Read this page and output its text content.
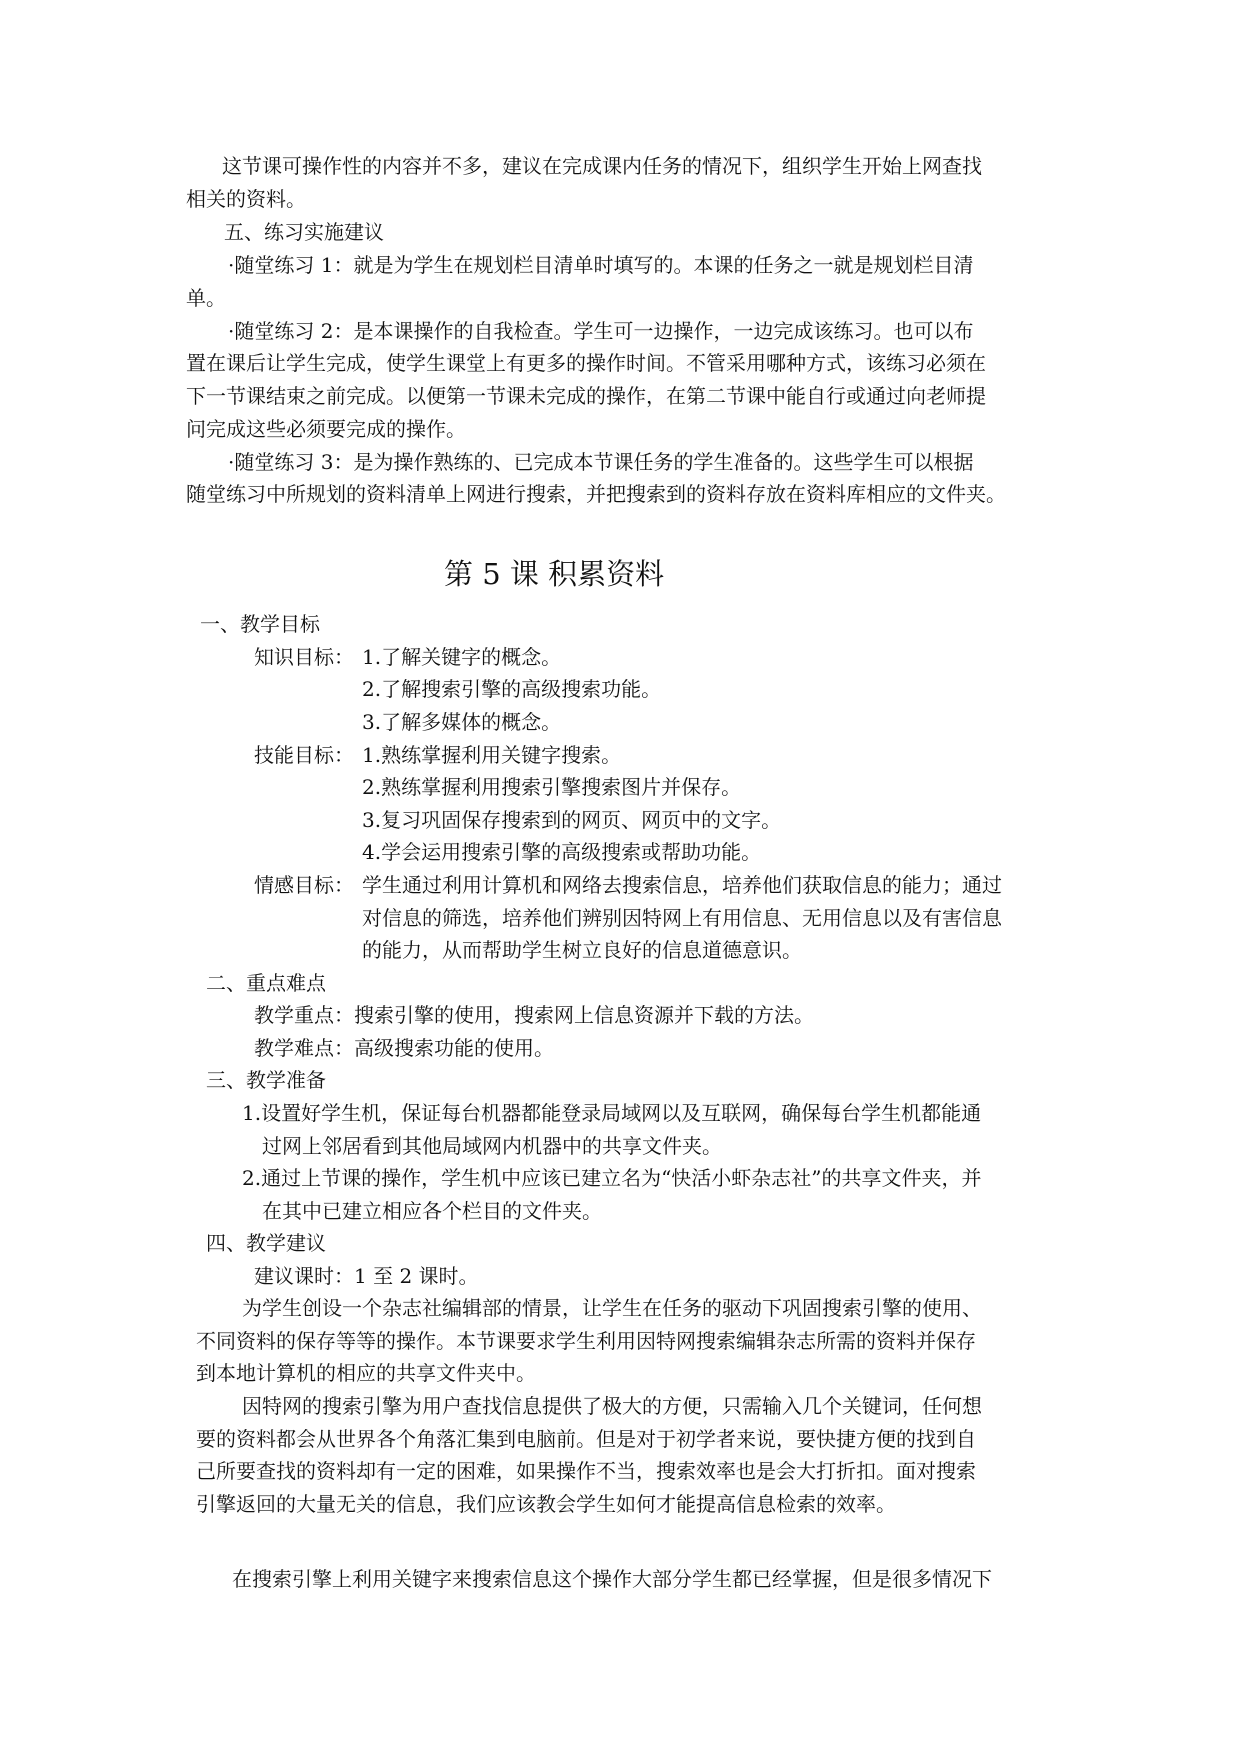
这节课可操作性的内容并不多，建议在完成课内任务的情况下，组织学生开始上网查找
相关的资料。
五、练习实施建议
·随堂练习 1：就是为学生在规划栏目清单时填写的。本课的任务之一就是规划栏目清
单。
·随堂练习 2：是本课操作的自我检查。学生可一边操作，一边完成该练习。也可以布
置在课后让学生完成，使学生课堂上有更多的操作时间。不管采用哪种方式，该练习必须在
下一节课结束之前完成。以便第一节课未完成的操作，在第二节课中能自行或通过向老师提
问完成这些必须要完成的操作。
·随堂练习 3：是为操作熟练的、已完成本节课任务的学生准备的。这些学生可以根据
随堂练习中所规划的资料清单上网进行搜索，并把搜索到的资料存放在资料库相应的文件夹。
第 5 课 积累资料
一、教学目标
知识目标： 1.了解关键字的概念。
2.了解搜索引擎的高级搜索功能。
3.了解多媒体的概念。
技能目标： 1.熟练掌握利用关键字搜索。
2.熟练掌握利用搜索引擎搜索图片并保存。
3.复习巩固保存搜索到的网页、网页中的文字。
4.学会运用搜索引擎的高级搜索或帮助功能。
情感目标： 学生通过利用计算机和网络去搜索信息，培养他们获取信息的能力；通过
对信息的筛选，培养他们辨别因特网上有用信息、无用信息以及有害信息
的能力，从而帮助学生树立良好的信息道德意识。
二、重点难点
教学重点：搜索引擎的使用，搜索网上信息资源并下载的方法。
教学难点：高级搜索功能的使用。
三、教学准备
1.设置好学生机，保证每台机器都能登录局域网以及互联网，确保每台学生机都能通
过网上邻居看到其他局域网内机器中的共享文件夹。
2.通过上节课的操作，学生机中应该已建立名为“快活小虾杂志社”的共享文件夹，并
在其中已建立相应各个栏目的文件夹。
四、教学建议
建议课时：1 至 2 课时。
为学生创设一个杂志社编辑部的情景，让学生在任务的驱动下巩固搜索引擎的使用、
不同资料的保存等等的操作。本节课要求学生利用因特网搜索编辑杂志所需的资料并保存
到本地计算机的相应的共享文件夹中。
因特网的搜索引擎为用户查找信息提供了极大的方便，只需输入几个关键词，任何想
要的资料都会从世界各个角落汇集到电脑前。但是对于初学者来说，要快捷方便的找到自
己所要查找的资料却有一定的困难，如果操作不当，搜索效率也是会大打折扣。面对搜索
引擎返回的大量无关的信息，我们应该教会学生如何才能提高信息检索的效率。
在搜索引擎上利用关键字来搜索信息这个操作大部分学生都已经掌握，但是很多情况下
